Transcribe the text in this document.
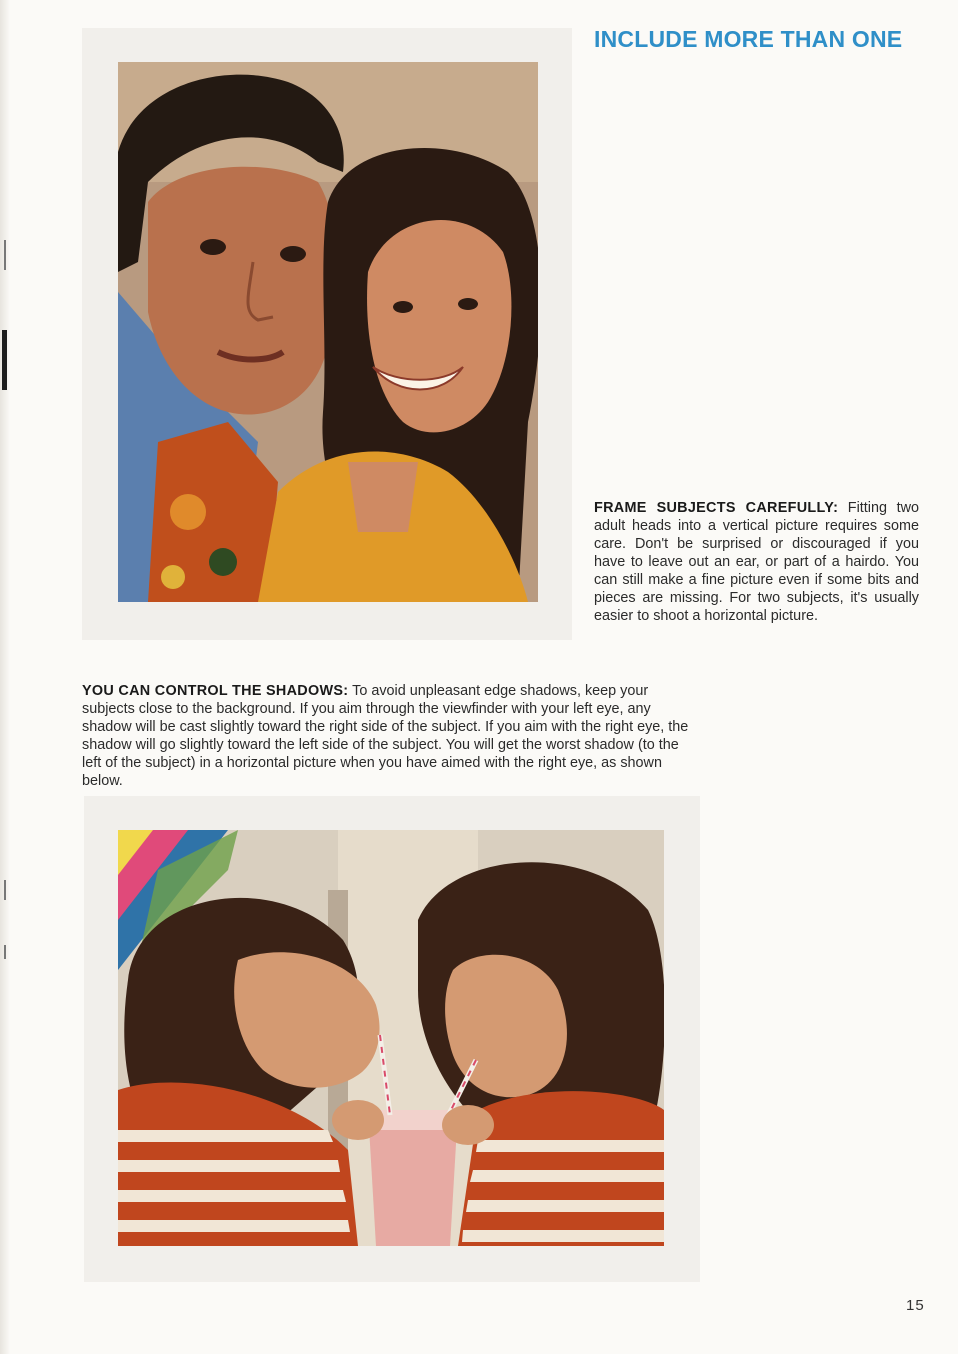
INCLUDE MORE THAN ONE

FRAME SUBJECTS CAREFULLY: Fitting two adult heads into a vertical picture requires some care. Don't be surprised or discouraged if you have to leave out an ear, or part of a hairdo. You can still make a fine picture even if some bits and pieces are missing. For two subjects, it's usually easier to shoot a horizontal picture.

YOU CAN CONTROL THE SHADOWS: To avoid unpleasant edge shadows, keep your subjects close to the background. If you aim through the viewfinder with your left eye, any shadow will be cast slightly toward the right side of the subject. If you aim with the right eye, the shadow will go slightly toward the left side of the subject. You will get the worst shadow (to the left of the subject) in a horizontal picture when you have aimed with the right eye, as shown below.

15
